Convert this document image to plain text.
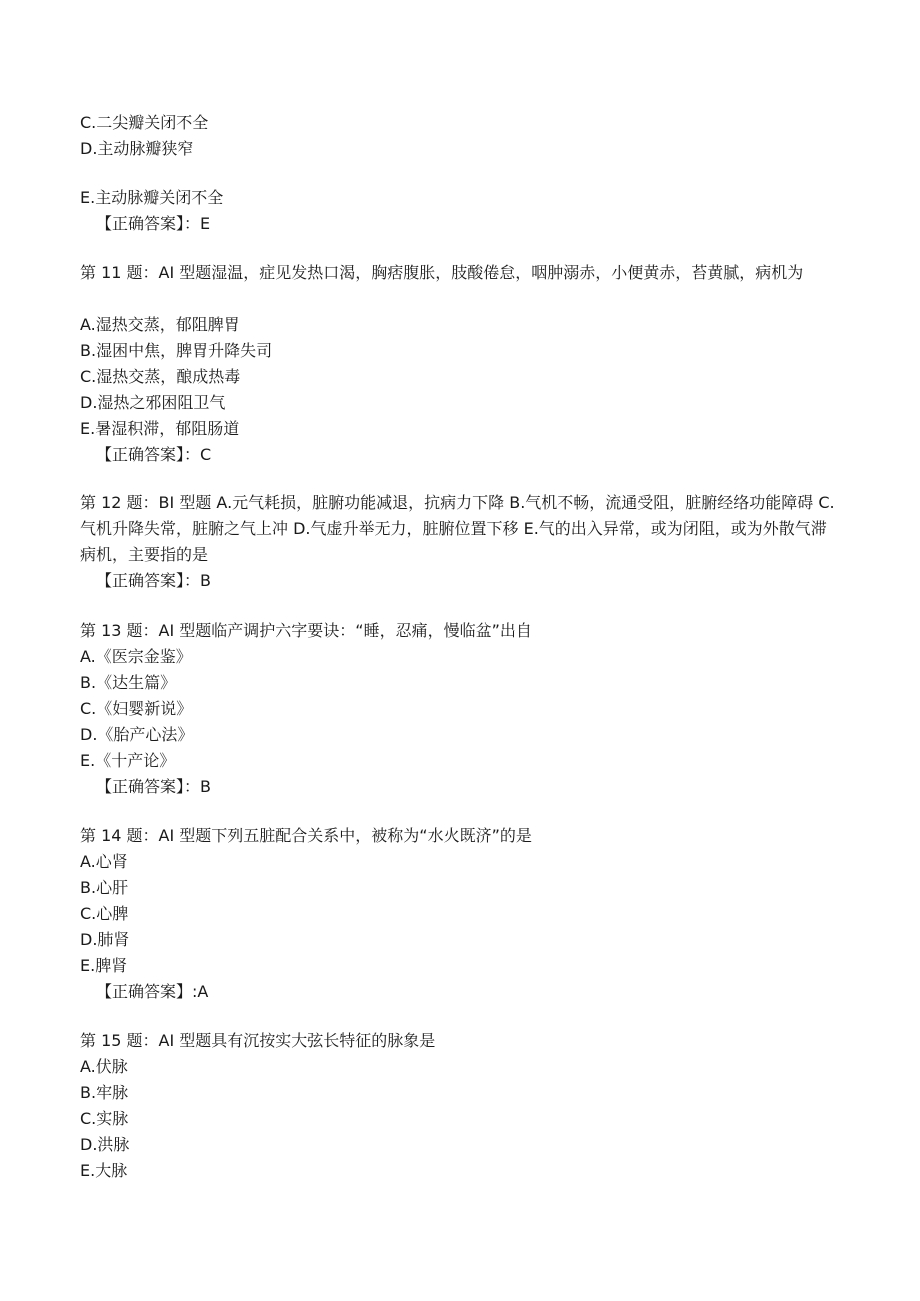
C.二尖瓣关闭不全
D.主动脉瓣狭窄
E.主动脉瓣关闭不全
【正确答案】：E
第 11 题：AI 型题湿温，症见发热口渴，胸痞腹胀，肢酸倦怠，咽肿溺赤，小便黄赤，苔黄腻，病机为
A.湿热交蒸，郁阻脾胃
B.湿困中焦，脾胃升降失司
C.湿热交蒸，酿成热毒
D.湿热之邪困阻卫气
E.暑湿积滞，郁阻肠道
【正确答案】：C
第 12 题：BI 型题 A.元气耗损，脏腑功能减退，抗病力下降 B.气机不畅，流通受阻，脏腑经络功能障碍 C.气机升降失常，脏腑之气上冲 D.气虚升举无力，脏腑位置下移 E.气的出入异常，或为闭阻，或为外散气滞病机，主要指的是
【正确答案】：B
第 13 题：AI 型题临产调护六字要诀：“睡，忍痛，慢临盆”出自
A.《医宗金鉴》
B.《达生篇》
C.《妇婴新说》
D.《胎产心法》
E.《十产论》
【正确答案】：B
第 14 题：AI 型题下列五脏配合关系中，被称为“水火既济”的是
A.心肾
B.心肝
C.心脾
D.肺肾
E.脾肾
【正确答案】:A
第 15 题：AI 型题具有沉按实大弦长特征的脉象是
A.伏脉
B.牢脉
C.实脉
D.洪脉
E.大脉
